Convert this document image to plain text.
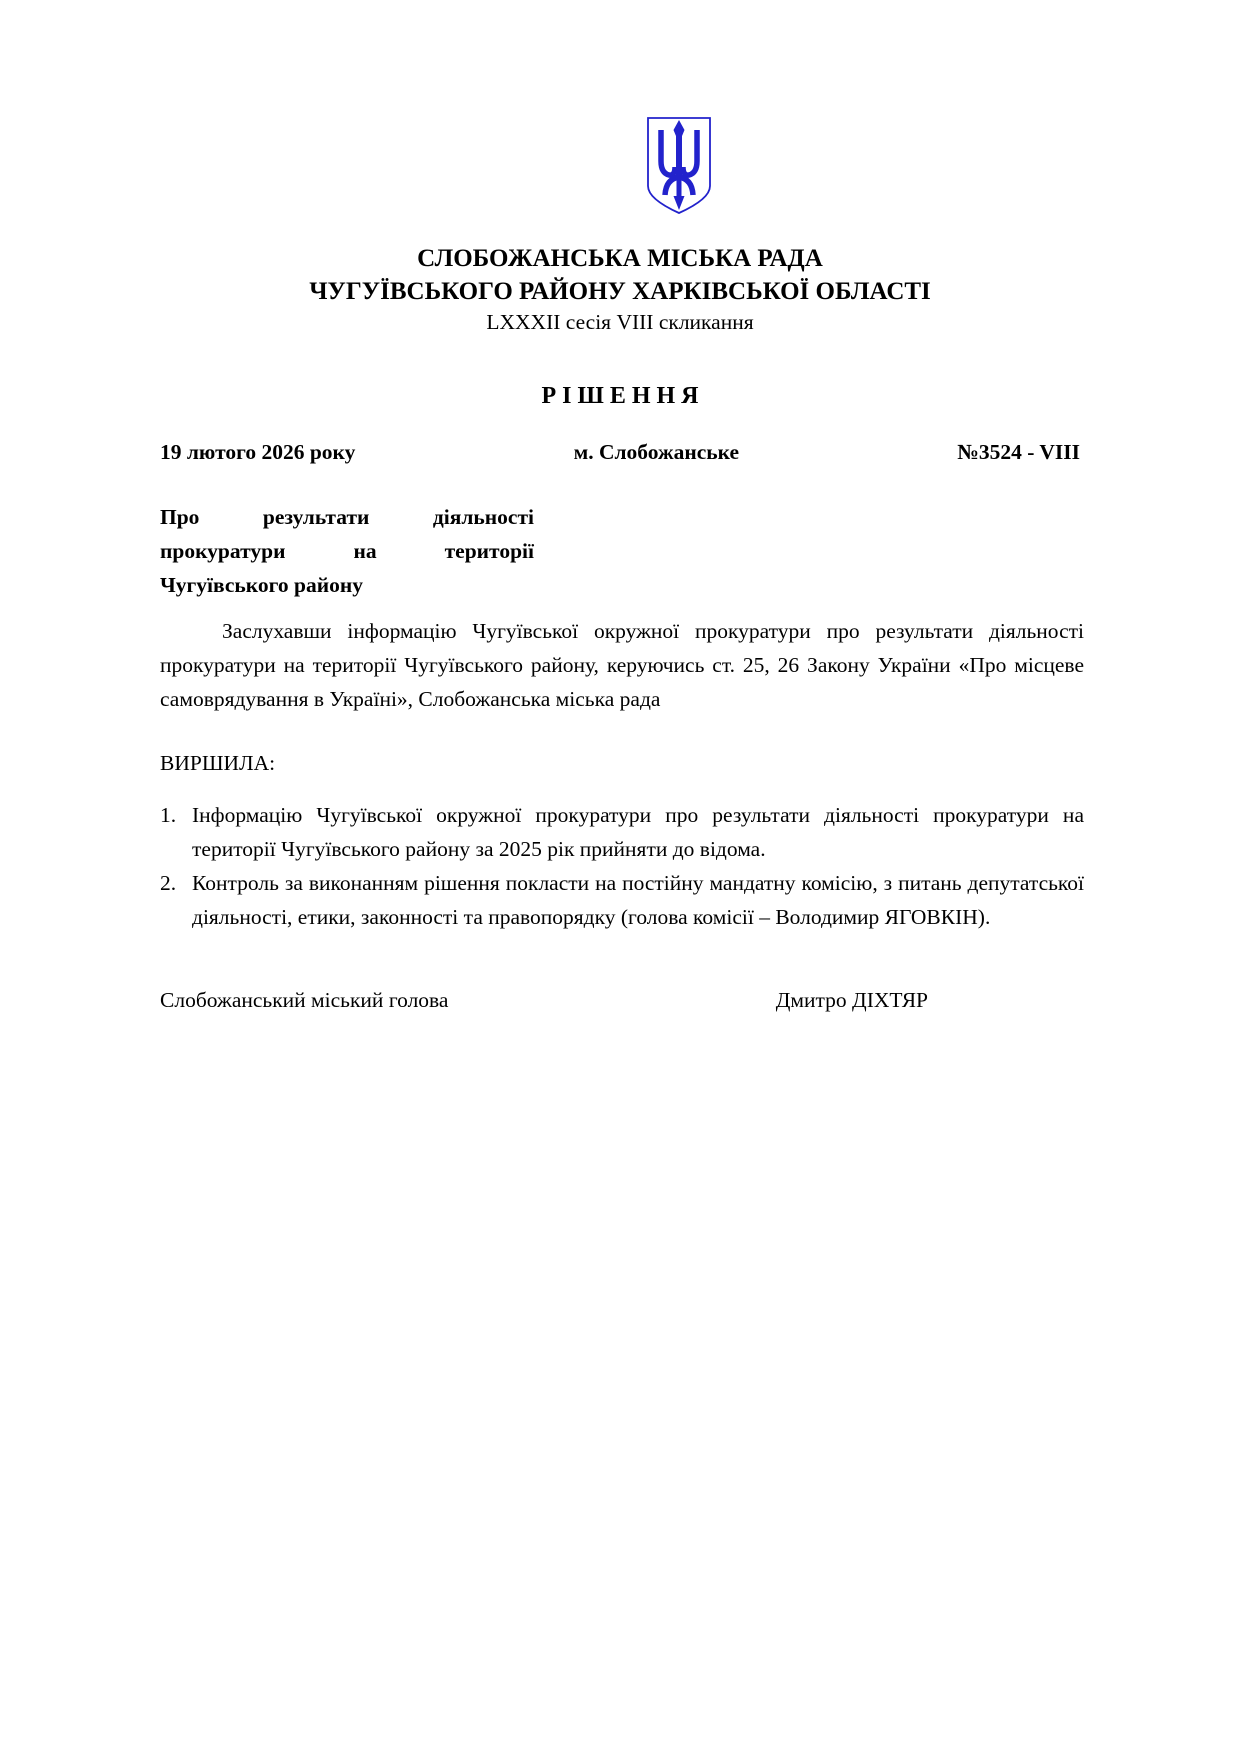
СЛОБОЖАНСЬКА МІСЬКА РАДА
ЧУГУЇВСЬКОГО РАЙОНУ ХАРКІВСЬКОЇ ОБЛАСТІ
LXXXII сесія VIII скликання
Р І Ш Е Н Н Я
19 лютого 2026 року	м. Слобожанське	№3524 - VIII
Про результати діяльності прокуратури на території Чугуївського району
Заслухавши інформацію Чугуївської окружної прокуратури про результати діяльності прокуратури на території Чугуївського району, керуючись ст. 25, 26 Закону України «Про місцеве самоврядування в Україні», Слобожанська міська рада
ВИРШИЛА:
1. Інформацію Чугуївської окружної прокуратури про результати діяльності прокуратури на території Чугуївського району за 2025 рік прийняти до відома.
2. Контроль за виконанням рішення покласти на постійну мандатну комісію, з питань депутатської діяльності, етики, законності та правопорядку (голова комісії – Володимир ЯГОВКІН).
Слобожанський міський голова	Дмитро ДІХТЯР
